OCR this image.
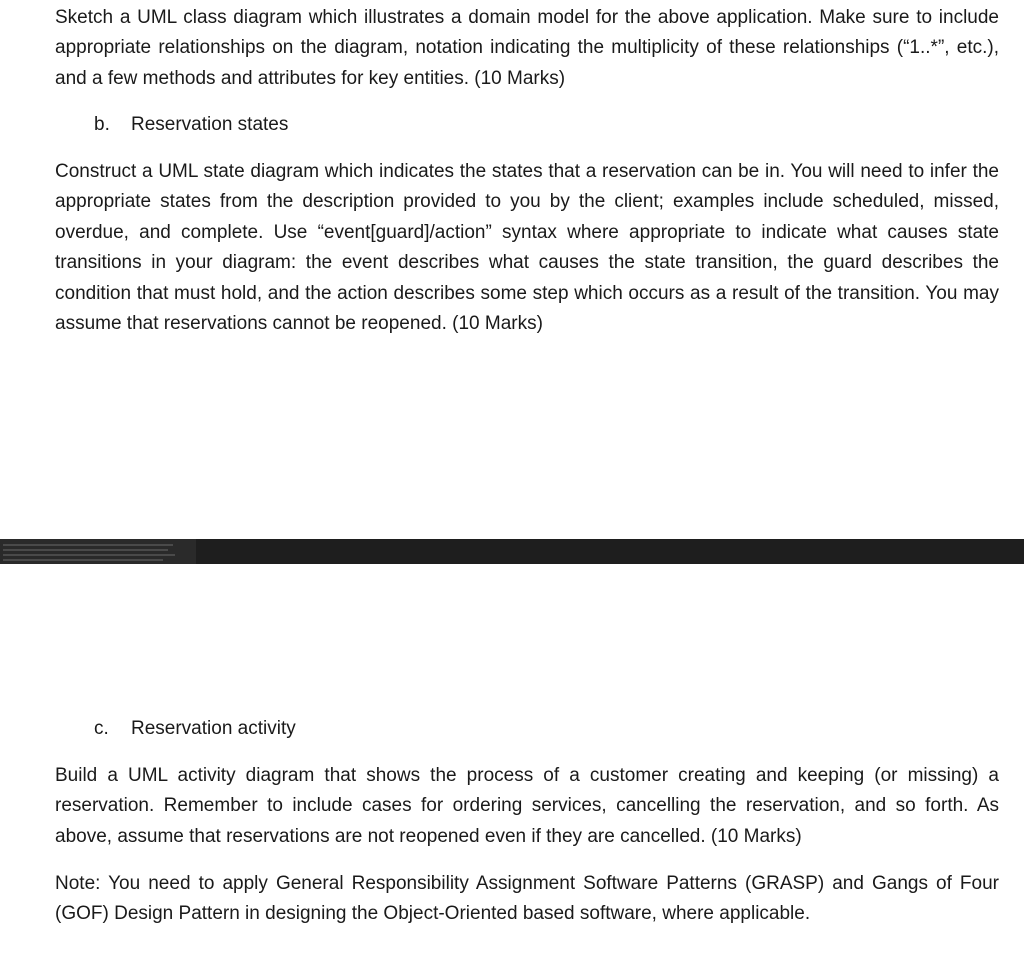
Sketch a UML class diagram which illustrates a domain model for the above application. Make sure to include appropriate relationships on the diagram, notation indicating the multiplicity of these relationships (“1..*”, etc.), and a few methods and attributes for key entities. (10 Marks)

b. Reservation states

Construct a UML state diagram which indicates the states that a reservation can be in. You will need to infer the appropriate states from the description provided to you by the client; examples include scheduled, missed, overdue, and complete. Use “event[guard]/action” syntax where appropriate to indicate what causes state transitions in your diagram: the event describes what causes the state transition, the guard describes the condition that must hold, and the action describes some step which occurs as a result of the transition. You may assume that reservations cannot be reopened. (10 Marks)

c. Reservation activity

Build a UML activity diagram that shows the process of a customer creating and keeping (or missing) a reservation. Remember to include cases for ordering services, cancelling the reservation, and so forth. As above, assume that reservations are not reopened even if they are cancelled. (10 Marks)

Note: You need to apply General Responsibility Assignment Software Patterns (GRASP) and Gangs of Four (GOF) Design Pattern in designing the Object-Oriented based software, where applicable.
